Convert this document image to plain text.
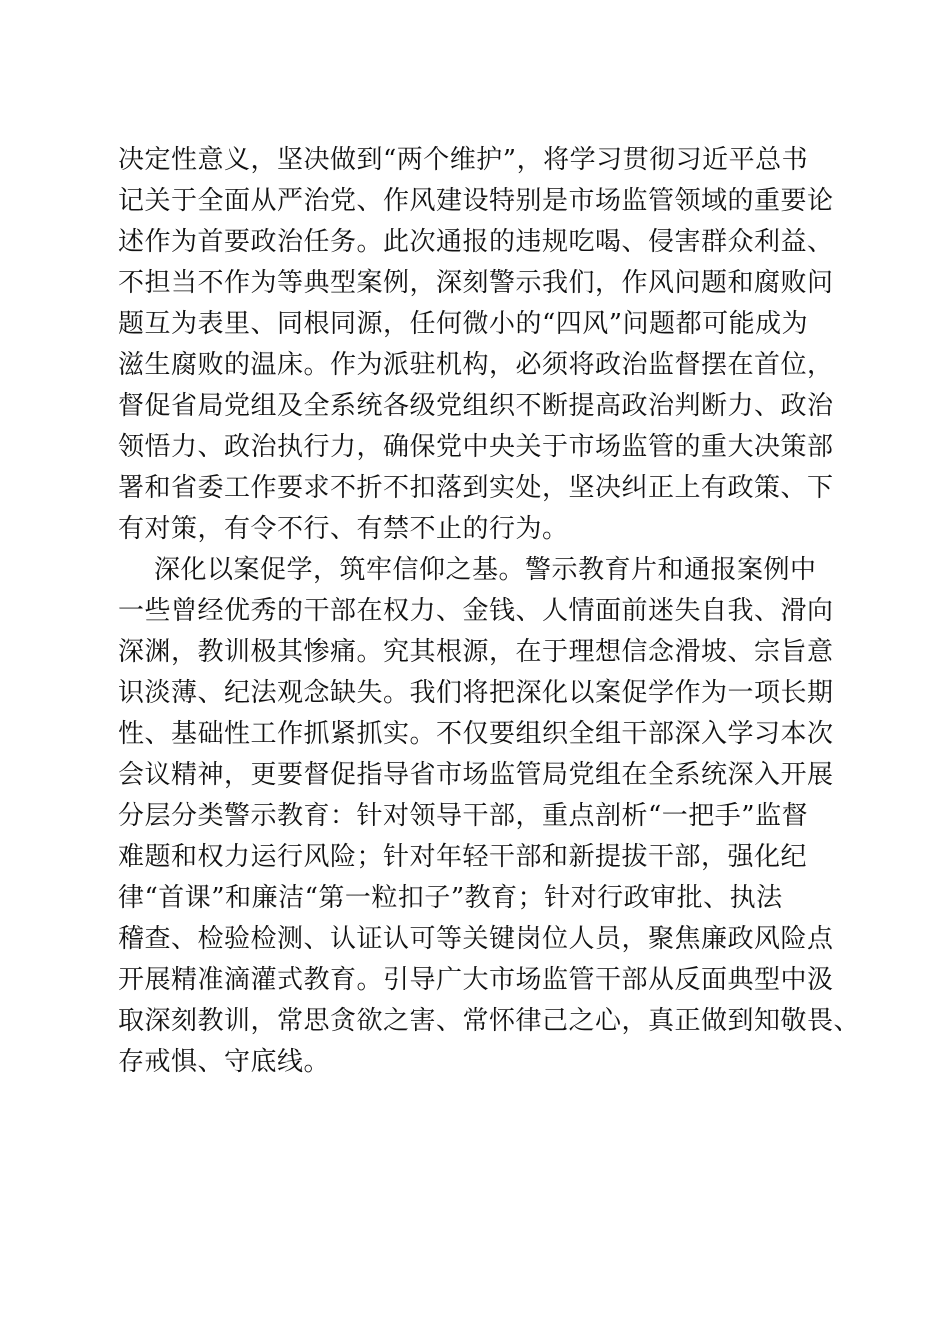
决定性意义，坚决做到“两个维护”，将学习贯彻习近平总书
记关于全面从严治党、作风建设特别是市场监管领域的重要论
述作为首要政治任务。此次通报的违规吃喝、侵害群众利益、
不担当不作为等典型案例，深刻警示我们，作风问题和腐败问
题互为表里、同根同源，任何微小的“四风”问题都可能成为
滋生腐败的温床。作为派驻机构，必须将政治监督摆在首位，
督促省局党组及全系统各级党组织不断提高政治判断力、政治
领悟力、政治执行力，确保党中央关于市场监管的重大决策部
署和省委工作要求不折不扣落到实处，坚决纠正上有政策、下
有对策，有令不行、有禁不止的行为。
深化以案促学，筑牢信仰之基。警示教育片和通报案例中
一些曾经优秀的干部在权力、金钱、人情面前迷失自我、滑向
深渊，教训极其惨痛。究其根源，在于理想信念滑坡、宗旨意
识淡薄、纪法观念缺失。我们将把深化以案促学作为一项长期
性、基础性工作抓紧抓实。不仅要组织全组干部深入学习本次
会议精神，更要督促指导省市场监管局党组在全系统深入开展
分层分类警示教育：针对领导干部，重点剖析“一把手”监督
难题和权力运行风险；针对年轻干部和新提拔干部，强化纪
律“首课”和廉洁“第一粒扣子”教育；针对行政审批、执法
稽查、检验检测、认证认可等关键岗位人员，聚焦廉政风险点
开展精准滴灌式教育。引导广大市场监管干部从反面典型中汲
取深刻教训，常思贪欲之害、常怀律己之心，真正做到知敬畏、
存戒惧、守底线。
